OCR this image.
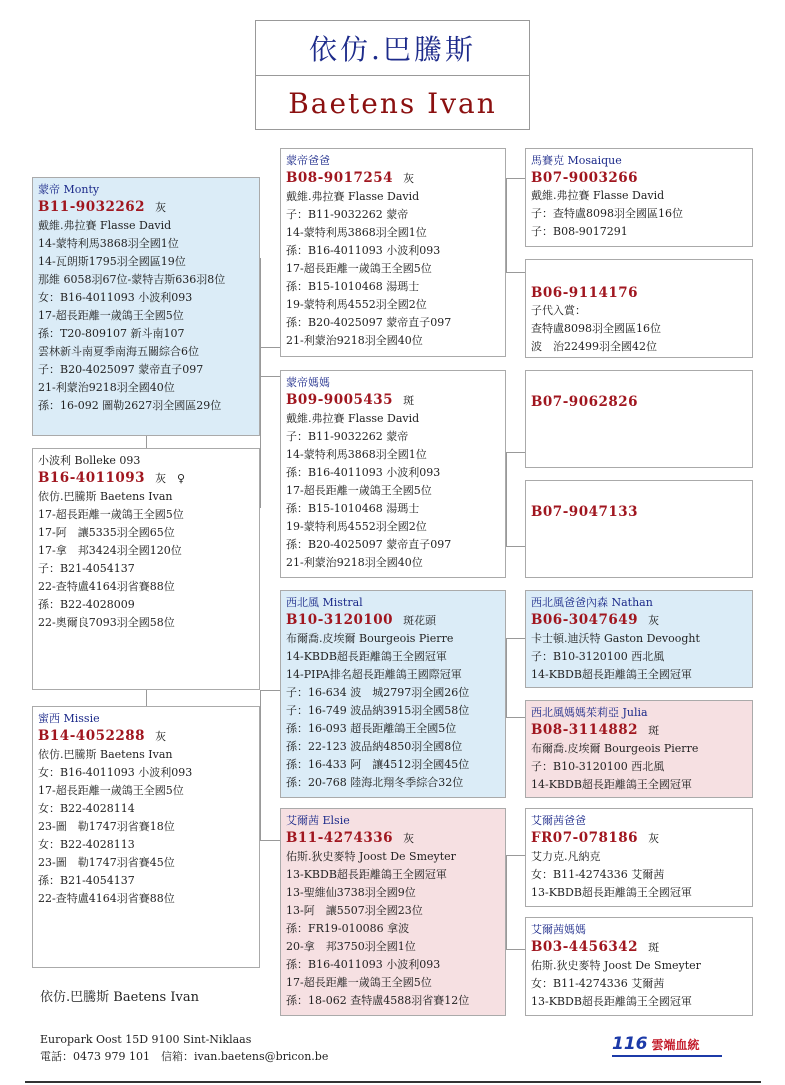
依仿.巴騰斯
Baetens Ivan
蒙帝 Monty
B11-9032262 灰
戴維.弗拉賽 Flasse David
14-蒙特利馬3868羽全國1位
14-瓦朗斯1795羽全國區19位
那維 6058羽67位-蒙特吉斯636羽8位
女：B16-4011093 小波利093
17-超長距離一歲鴿王全國5位
孫：T20-809107 新斗南107
雲林新斗南夏季南海五關綜合6位
子：B20-4025097 蒙帝直子097
21-利蒙治9218羽全國40位
孫：16-092 圖勒2627羽全國區29位
小波利 Bolleke 093
B16-4011093 灰　♀
依仿.巴騰斯 Baetens Ivan
17-超長距離一歲鴿王全國5位
17-阿　讓5335羽全國65位
17-拿　邦3424羽全國120位
子：B21-4054137
22-查特盧4164羽省賽88位
孫：B22-4028009
22-奧爾良7093羽全國58位
蜜西 Missie
B14-4052288 灰
依仿.巴騰斯 Baetens Ivan
女：B16-4011093 小波利093
17-超長距離一歲鴿王全國5位
女：B22-4028114
23-圖　勒1747羽省賽18位
女：B22-4028113
23-圖　勒1747羽省賽45位
孫：B21-4054137
22-查特盧4164羽省賽88位
蒙帝爸爸
B08-9017254 灰
戴維.弗拉賽 Flasse David
子：B11-9032262 蒙帝
14-蒙特利馬3868羽全國1位
孫：B16-4011093 小波利093
17-超長距離一歲鴿王全國5位
孫：B15-1010468 湯瑪士
19-蒙特利馬4552羽全國2位
孫：B20-4025097 蒙帝直子097
21-利蒙治9218羽全國40位
蒙帝媽媽
B09-9005435 斑
戴維.弗拉賽 Flasse David
子：B11-9032262 蒙帝
14-蒙特利馬3868羽全國1位
孫：B16-4011093 小波利093
17-超長距離一歲鴿王全國5位
孫：B15-1010468 湯瑪士
19-蒙特利馬4552羽全國2位
孫：B20-4025097 蒙帝直子097
21-利蒙治9218羽全國40位
西北風 Mistral
B10-3120100 斑花頭
布爾喬.皮埃爾 Bourgeois Pierre
14-KBDB超長距離鴿王全國冠軍
14-PIPA排名超長距離鴿王國際冠軍
子：16-634 波　城2797羽全國26位
子：16-749 波品納3915羽全國58位
孫：16-093 超長距離鴿王全國5位
孫：22-123 波品納4850羽全國8位
孫：16-433 阿　讓4512羽全國45位
孫：20-768 陸海北翔冬季綜合32位
艾爾茜 Elsie
B11-4274336 灰
佑斯.狄史麥特 Joost De Smeyter
13-KBDB超長距離鴿王全國冠軍
13-聖維仙3738羽全國9位
13-阿　讓5507羽全國23位
孫：FR19-010086 拿波
20-拿　邦3750羽全國1位
孫：B16-4011093 小波利093
17-超長距離一歲鴿王全國5位
孫：18-062 查特盧4588羽省賽12位
馬賽克 Mosaique
B07-9003266
戴維.弗拉賽 Flasse David
子：查特盧8098羽全國區16位
子：B08-9017291
B06-9114176
子代入賞：
查特盧8098羽全國區16位
波　治22499羽全國42位
B07-9062826
B07-9047133
西北風爸爸內森 Nathan
B06-3047649 灰
卡士頓.迪沃特 Gaston Devooght
子：B10-3120100 西北風
14-KBDB超長距離鴿王全國冠軍
西北風媽媽茱莉亞 Julia
B08-3114882 斑
布爾喬.皮埃爾 Bourgeois Pierre
子：B10-3120100 西北風
14-KBDB超長距離鴿王全國冠軍
艾爾茜爸爸
FR07-078186 灰
艾力克.凡納克
女：B11-4274336 艾爾茜
13-KBDB超長距離鴿王全國冠軍
艾爾茜媽媽
B03-4456342 斑
佑斯.狄史麥特 Joost De Smeyter
女：B11-4274336 艾爾茜
13-KBDB超長距離鴿王全國冠軍
依仿.巴騰斯 Baetens Ivan
Europark Oost 15D 9100 Sint-Niklaas
電話：0473 979 101　信箱：ivan.baetens@bricon.be
116 雲端血統
